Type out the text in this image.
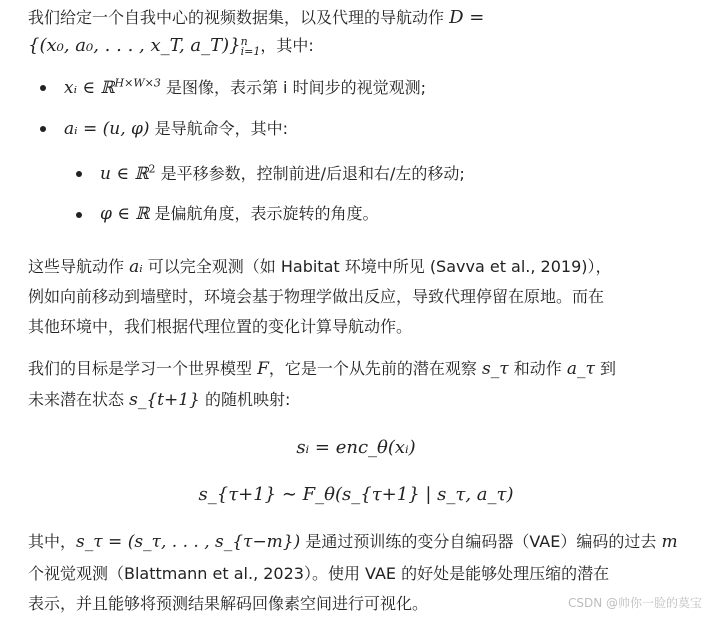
我们给定一个自我中心的视频数据集，以及代理的导航动作 D =
{(x₀, a₀, . . . , x_T, a_T)} n
i=1 ，其中:
xᵢ ∈ ℝ$^{H\times W\times 3}$ 是图像，表示第 i 时间步的视觉观测;
aᵢ = (u, φ) 是导航命令，其中:
u ∈ ℝ$^2$ 是平移参数，控制前进/后退和右/左的移动;
φ ∈ ℝ 是偏航角度，表示旋转的角度。
这些导航动作 aᵢ 可以完全观测（如 Habitat 环境中所见 (Savva et al., 2019)），
例如向前移动到墙壁时，环境会基于物理学做出反应，导致代理停留在原地。而在
其他环境中，我们根据代理位置的变化计算导航动作。
我们的目标是学习一个世界模型 F，它是一个从先前的潜在观察 s_τ 和动作 a_τ 到
未来潜在状态 s_{t+1} 的随机映射:
sᵢ = enc_θ(xᵢ)
s_{τ+1} ∼ F_θ(s_{τ+1} | s_τ, a_τ)
其中，s_τ = (s_τ, . . . , s_{τ−m}) 是通过预训练的变分自编码器（VAE）编码的过去 m
个视觉观测（Blattmann et al., 2023）。使用 VAE 的好处是能够处理压缩的潜在
表示，并且能够将预测结果解码回像素空间进行可视化。	CSDN @帅你一脸的莫宝
